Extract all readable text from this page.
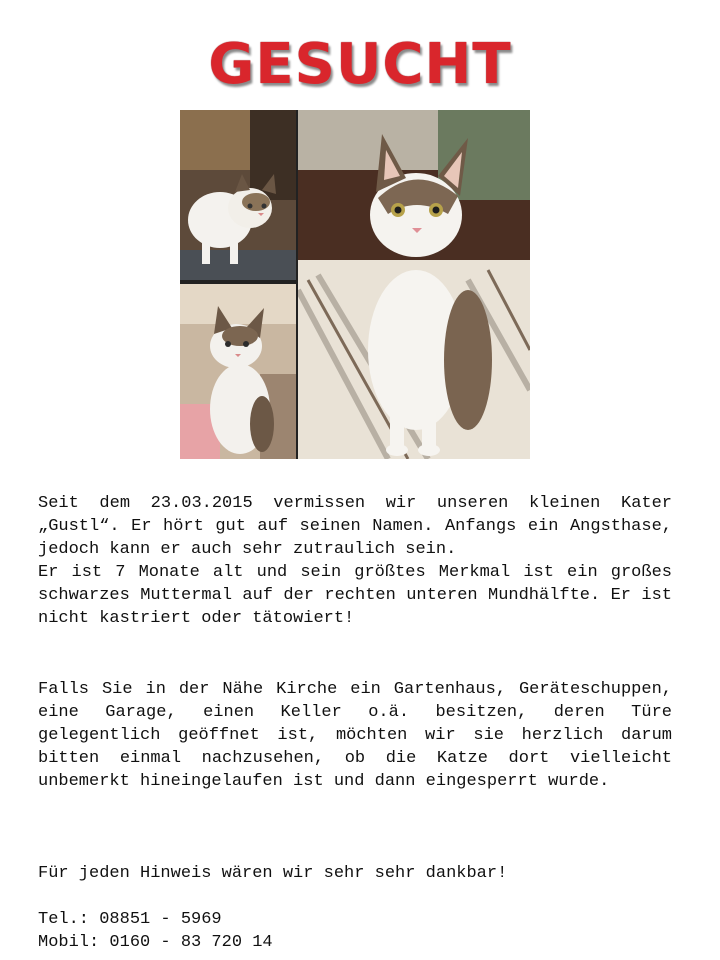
GESUCHT

Seit dem 23.03.2015 vermissen wir unseren kleinen Kater „Gustl“. Er hört gut auf seinen Namen. Anfangs ein Angsthase, jedoch kann er auch sehr zutraulich sein.
Er ist 7 Monate alt und sein größtes Merkmal ist ein großes schwarzes Muttermal auf der rechten unteren Mundhälfte. Er ist nicht kastriert oder tätowiert!

Falls Sie in der Nähe Kirche ein Gartenhaus, Geräteschuppen, eine Garage, einen Keller o.ä. besitzen, deren Türe gelegentlich geöffnet ist, möchten wir sie herzlich darum bitten einmal nachzusehen, ob die Katze dort vielleicht unbemerkt hineingelaufen ist und dann eingesperrt wurde.

Für jeden Hinweis wären wir sehr sehr dankbar!

Tel.: 08851 - 5969
Mobil: 0160 - 83 720 14
